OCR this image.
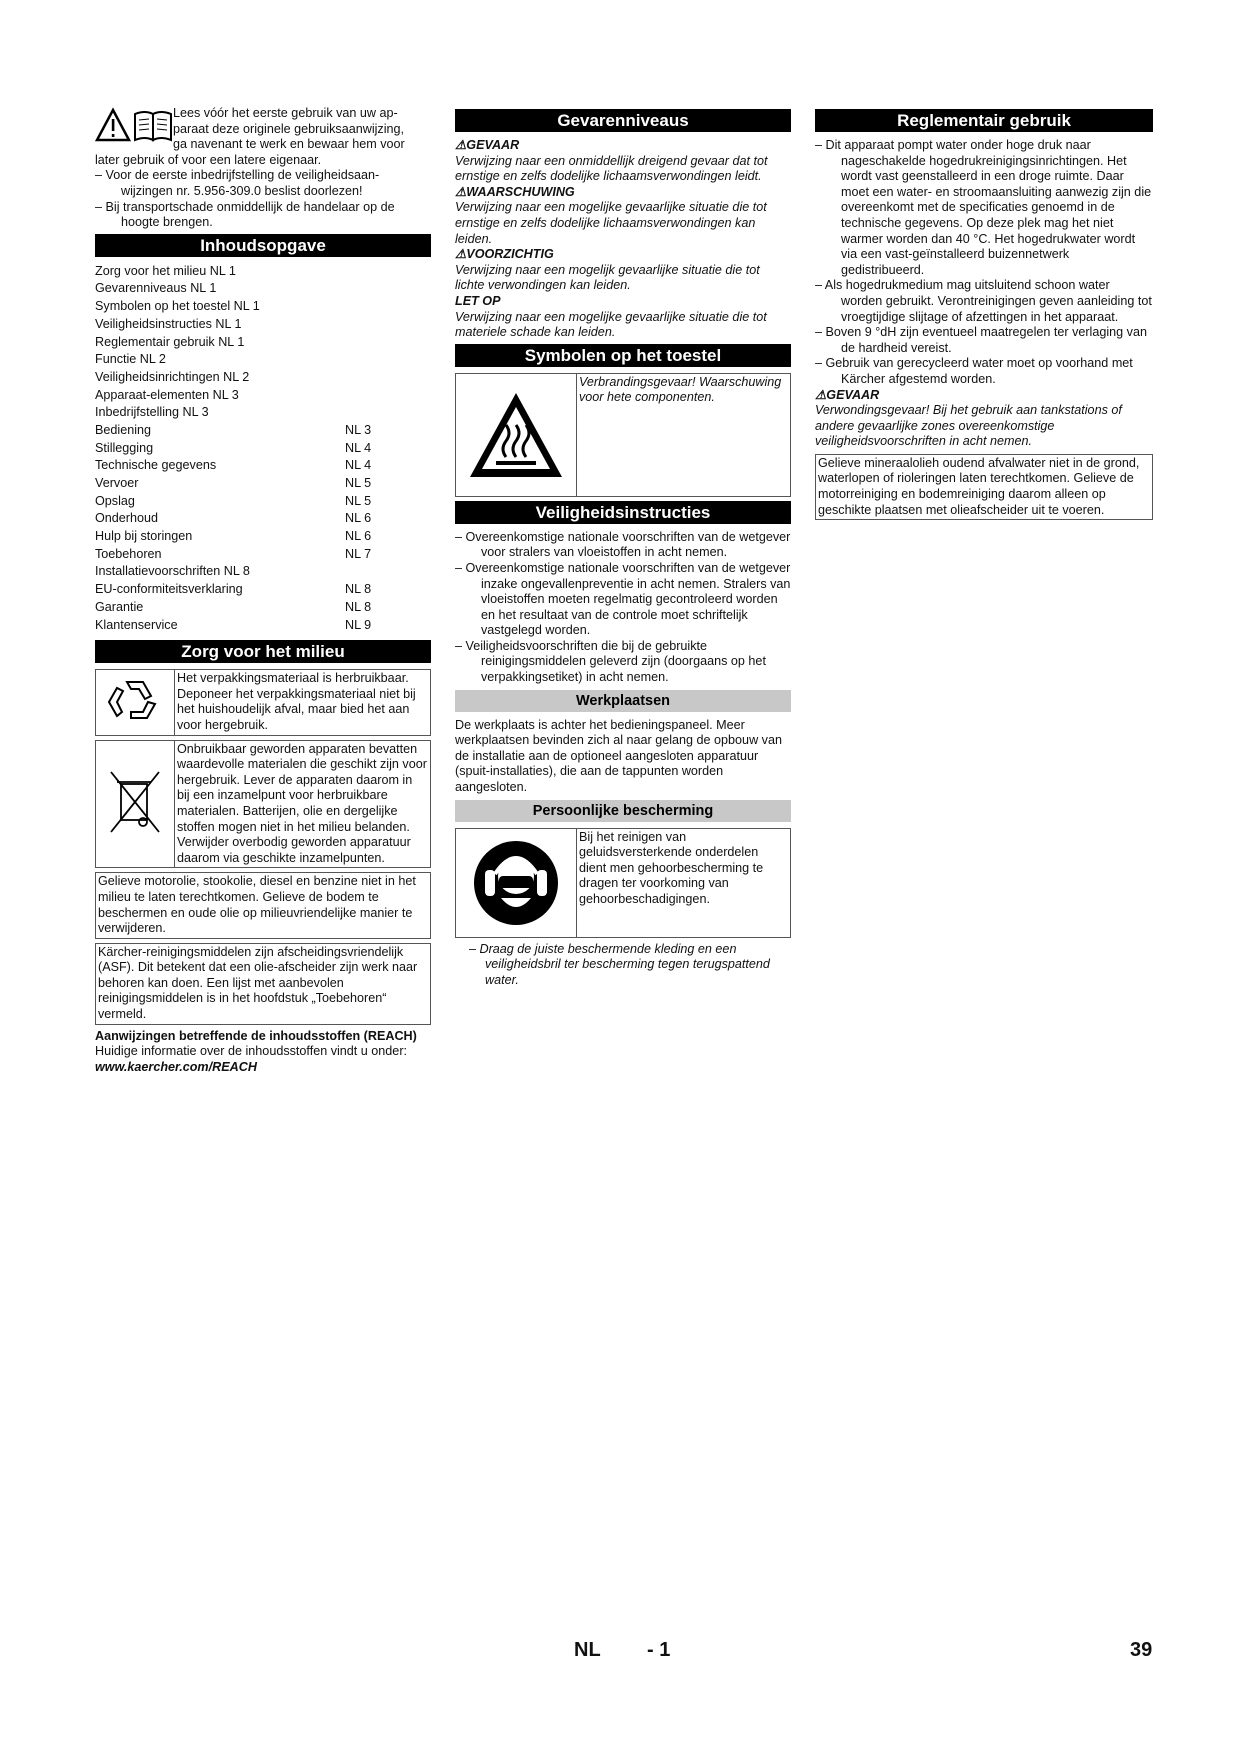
Lees vóór het eerste gebruik van uw ap-

paraat deze originele gebruiksaanwijzing,

ga navenant te werk en bewaar hem voor

later gebruik of voor een latere eigenaar.

– Voor de eerste inbedrijfstelling de veiligheidsaan-wijzingen nr. 5.956-309.0 beslist doorlezen!

– Bij transportschade onmiddellijk de handelaar op de hoogte brengen.

Inhoudsopgave
Zorg voor het milieu NL 1
Gevarenniveaus NL 1
Symbolen op het toestel NL 1
Veiligheidsinstructies NL 1
Reglementair gebruik NL 1
Functie NL 2
Veiligheidsinrichtingen NL 2
Apparaat-elementen NL 3
Inbedrijfstelling NL 3
Bediening	NL 3
Stillegging	NL 4
Technische gegevens	NL 4
Vervoer	NL 5
Opslag	NL 5
Onderhoud	NL 6
Hulp bij storingen	NL 6
Toebehoren	NL 7
Installatievoorschriften NL 8
EU-conformiteitsverklaring	NL 8
Garantie	NL 8
Klantenservice	NL 9
Zorg voor het milieu
Het verpakkingsmateriaal is herbruikbaar. Deponeer het verpakkingsmateriaal niet bij het huishoudelijk afval, maar bied het aan voor hergebruik.
Onbruikbaar geworden apparaten bevatten waardevolle materialen die geschikt zijn voor hergebruik. Lever de apparaten daarom in bij een inzamelpunt voor herbruikbare materialen. Batterijen, olie en dergelijke stoffen mogen niet in het milieu belanden. Verwijder overbodig geworden apparatuur daarom via geschikte inzamelpunten.
Gelieve motorolie, stookolie, diesel en benzine niet in het milieu te laten terechtkomen. Gelieve de bodem te beschermen en oude olie op milieuvriendelijke manier te verwijderen.
Kärcher-reinigingsmiddelen zijn afscheidingsvriendelijk (ASF). Dit betekent dat een olie-afscheider zijn werk naar behoren kan doen. Een lijst met aanbevolen reinigingsmiddelen is in het hoofdstuk „Toebehoren“ vermeld.

Aanwijzingen betreffende de inhoudsstoffen (REACH)

Huidige informatie over de inhoudsstoffen vindt u onder:

www.kaercher.com/REACH

Gevarenniveaus

⚠GEVAAR

Verwijzing naar een onmiddellijk dreigend gevaar dat tot ernstige en zelfs dodelijke lichaamsverwondingen leidt.

⚠WAARSCHUWING

Verwijzing naar een mogelijke gevaarlijke situatie die tot ernstige en zelfs dodelijke lichaamsverwondingen kan leiden.

⚠VOORZICHTIG

Verwijzing naar een mogelijk gevaarlijke situatie die tot lichte verwondingen kan leiden.

LET OP

Verwijzing naar een mogelijke gevaarlijke situatie die tot materiele schade kan leiden.

Symbolen op het toestel
Verbrandingsgevaar! Waarschuwing voor hete componenten.
Veiligheidsinstructies

– Overeenkomstige nationale voorschriften van de wetgever voor stralers van vloeistoffen in acht nemen.

– Overeenkomstige nationale voorschriften van de wetgever inzake ongevallenpreventie in acht nemen. Stralers van vloeistoffen moeten regelmatig gecontroleerd worden en het resultaat van de controle moet schriftelijk vastgelegd worden.

– Veiligheidsvoorschriften die bij de gebruikte reinigingsmiddelen geleverd zijn (doorgaans op het verpakkingsetiket) in acht nemen.

Werkplaatsen

De werkplaats is achter het bedieningspaneel. Meer werkplaatsen bevinden zich al naar gelang de opbouw van de installatie aan de optioneel aangesloten apparatuur (spuit-installaties), die aan de tappunten worden aangesloten.

Persoonlijke bescherming
Bij het reinigen van geluidsversterkende onderdelen dient men gehoorbescherming te dragen ter voorkoming van gehoorbeschadigingen.

– Draag de juiste beschermende kleding en een veiligheidsbril ter bescherming tegen terugspattend water.

Reglementair gebruik

– Dit apparaat pompt water onder hoge druk naar nageschakelde hogedrukreinigingsinrichtingen. Het wordt vast geenstalleerd in een droge ruimte. Daar moet een water- en stroomaansluiting aanwezig zijn die overeenkomt met de specificaties genoemd in de technische gegevens. Op deze plek mag het niet warmer worden dan 40 °C. Het hogedrukwater wordt via een vast-geïnstalleerd buizennetwerk gedistribueerd.

– Als hogedrukmedium mag uitsluitend schoon water worden gebruikt. Verontreinigingen geven aanleiding tot vroegtijdige slijtage of afzettingen in het apparaat.

– Boven 9 °dH zijn eventueel maatregelen ter verlaging van de hardheid vereist.

– Gebruik van gerecycleerd water moet op voorhand met Kärcher afgestemd worden.

⚠GEVAAR

Verwondingsgevaar! Bij het gebruik aan tankstations of andere gevaarlijke zones overeenkomstige veiligheidsvoorschriften in acht nemen.

Gelieve mineraalolieh oudend afvalwater niet in de grond, waterlopen of rioleringen laten terechtkomen. Gelieve de motorreiniging en bodemreiniging daarom alleen op geschikte plaatsen met olieafscheider uit te voeren.
NL - 1	39
